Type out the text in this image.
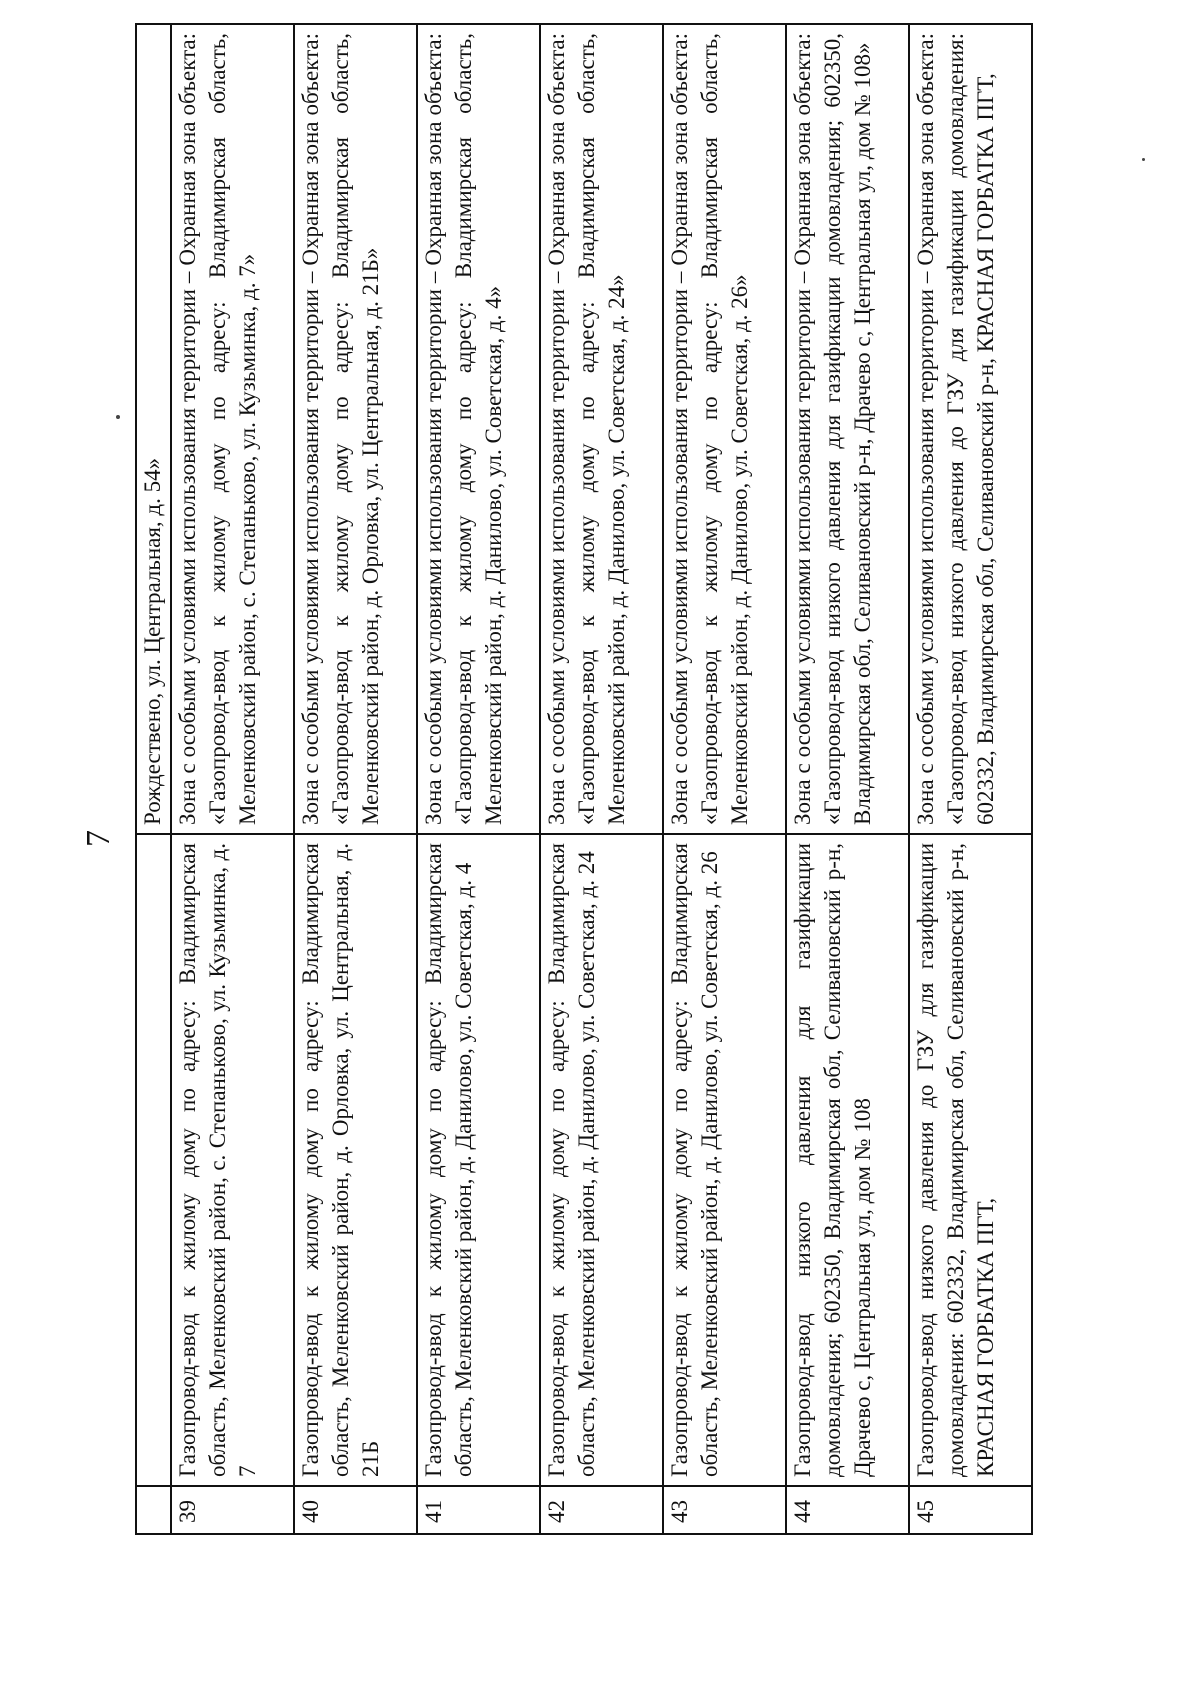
7
		Рождествено, ул. Центральная, д. 54»
39	Газопровод-ввод к жилому дому по адресу: Владимирская область, Меленковский район, с. Степаньково, ул. Кузьминка, д. 7	Зона с особыми условиями использования территории – Охранная зона объекта: «Газопровод-ввод к жилому дому по адресу: Владимирская область, Меленковский район, с. Степаньково, ул. Кузьминка, д. 7»
40	Газопровод-ввод к жилому дому по адресу: Владимирская область, Меленковский район, д. Орловка, ул. Центральная, д. 21Б	Зона с особыми условиями использования территории – Охранная зона объекта: «Газопровод-ввод к жилому дому по адресу: Владимирская область, Меленковский район, д. Орловка, ул. Центральная, д. 21Б»
41	Газопровод-ввод к жилому дому по адресу: Владимирская область, Меленковский район, д. Данилово, ул. Советская, д. 4	Зона с особыми условиями использования территории – Охранная зона объекта: «Газопровод-ввод к жилому дому по адресу: Владимирская область, Меленковский район, д. Данилово, ул. Советская, д. 4»
42	Газопровод-ввод к жилому дому по адресу: Владимирская область, Меленковский район, д. Данилово, ул. Советская, д. 24	Зона с особыми условиями использования территории – Охранная зона объекта: «Газопровод-ввод к жилому дому по адресу: Владимирская область, Меленковский район, д. Данилово, ул. Советская, д. 24»
43	Газопровод-ввод к жилому дому по адресу: Владимирская область, Меленковский район, д. Данилово, ул. Советская, д. 26	Зона с особыми условиями использования территории – Охранная зона объекта: «Газопровод-ввод к жилому дому по адресу: Владимирская область, Меленковский район, д. Данилово, ул. Советская, д. 26»
44	Газопровод-ввод низкого давления для газификации домовладения; 602350, Владимирская обл, Селивановский р-н, Драчево с, Центральная ул, дом № 108	Зона с особыми условиями использования территории – Охранная зона объекта: «Газопровод-ввод низкого давления для газификации домовладения; 602350, Владимирская обл, Селивановский р-н, Драчево с, Центральная ул, дом № 108»
45	Газопровод-ввод низкого давления до ГЗУ для газификации домовладения: 602332, Владимирская обл, Селивановский р-н, КРАСНАЯ ГОРБАТКА ПГТ,	Зона с особыми условиями использования территории – Охранная зона объекта: «Газопровод-ввод низкого давления до ГЗУ для газификации домовладения: 602332, Владимирская обл, Селивановский р-н, КРАСНАЯ ГОРБАТКА ПГТ,
